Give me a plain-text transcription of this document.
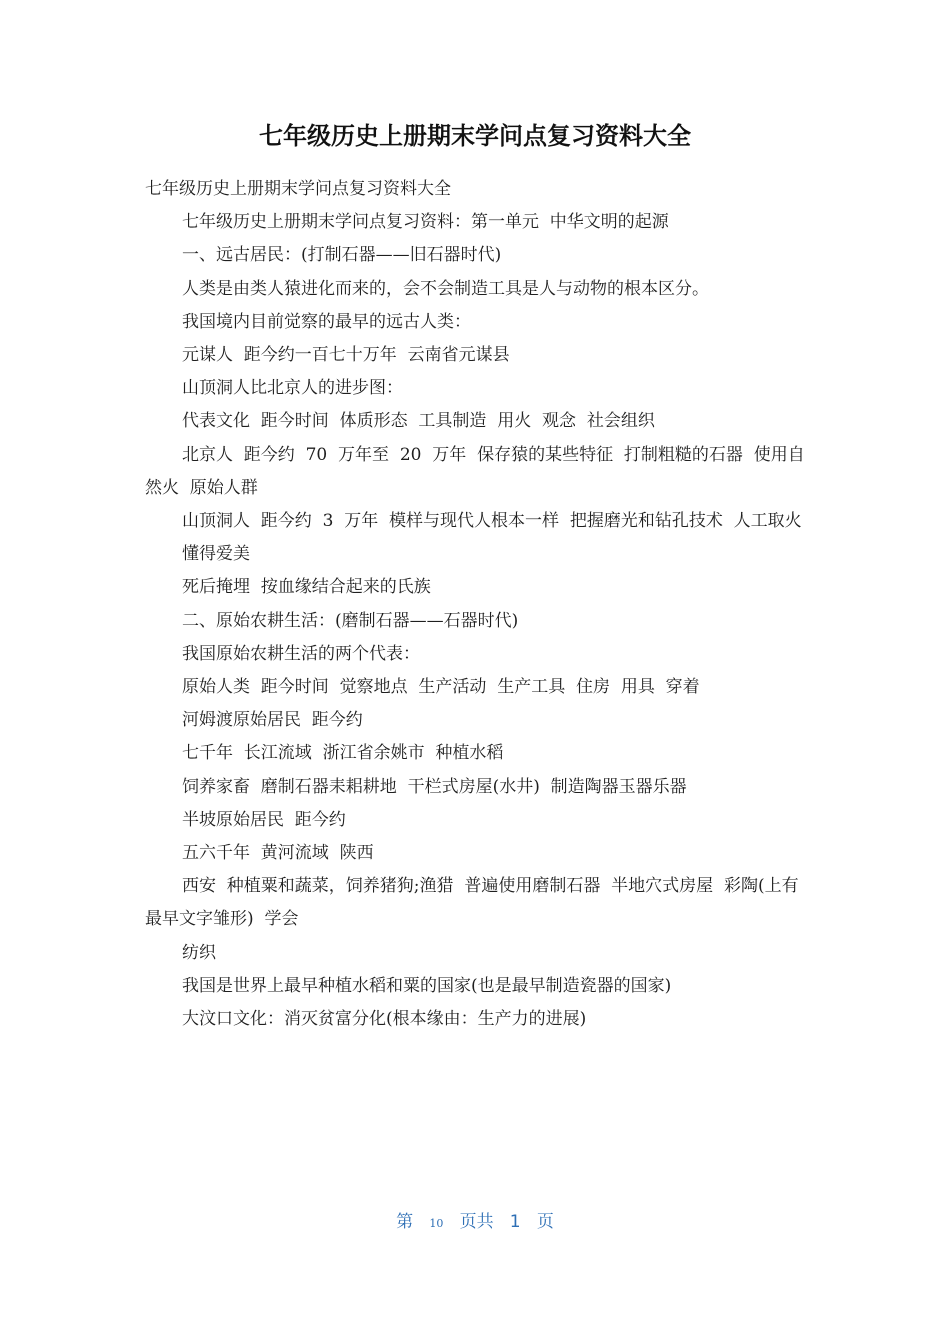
七年级历史上册期末学问点复习资料大全

七年级历史上册期末学问点复习资料大全

七年级历史上册期末学问点复习资料：第一单元  中华文明的起源

一、远古居民：(打制石器——旧石器时代)

人类是由类人猿进化而来的，会不会制造工具是人与动物的根本区分。

我国境内目前觉察的最早的远古人类：

元谋人  距今约一百七十万年  云南省元谋县

山顶洞人比北京人的进步图：

代表文化  距今时间  体质形态  工具制造  用火  观念  社会组织

北京人  距今约  70  万年至  20  万年  保存猿的某些特征  打制粗糙的石器  使用自然火  原始人群

山顶洞人  距今约  3  万年  模样与现代人根本一样  把握磨光和钻孔技术  人工取火

懂得爱美

死后掩埋  按血缘结合起来的氏族

二、原始农耕生活：(磨制石器——石器时代)

我国原始农耕生活的两个代表：

原始人类  距今时间  觉察地点  生产活动  生产工具  住房  用具  穿着

河姆渡原始居民  距今约

七千年  长江流域  浙江省余姚市  种植水稻

饲养家畜  磨制石器耒耜耕地  干栏式房屋(水井)  制造陶器玉器乐器

半坡原始居民  距今约

五六千年  黄河流域  陕西

西安  种植粟和蔬菜，饲养猪狗;渔猎  普遍使用磨制石器  半地穴式房屋  彩陶(上有最早文字雏形)  学会

纺织

我国是世界上最早种植水稻和粟的国家(也是最早制造瓷器的国家)

大汶口文化：消灭贫富分化(根本缘由：生产力的进展)

第 10 页共 1 页
